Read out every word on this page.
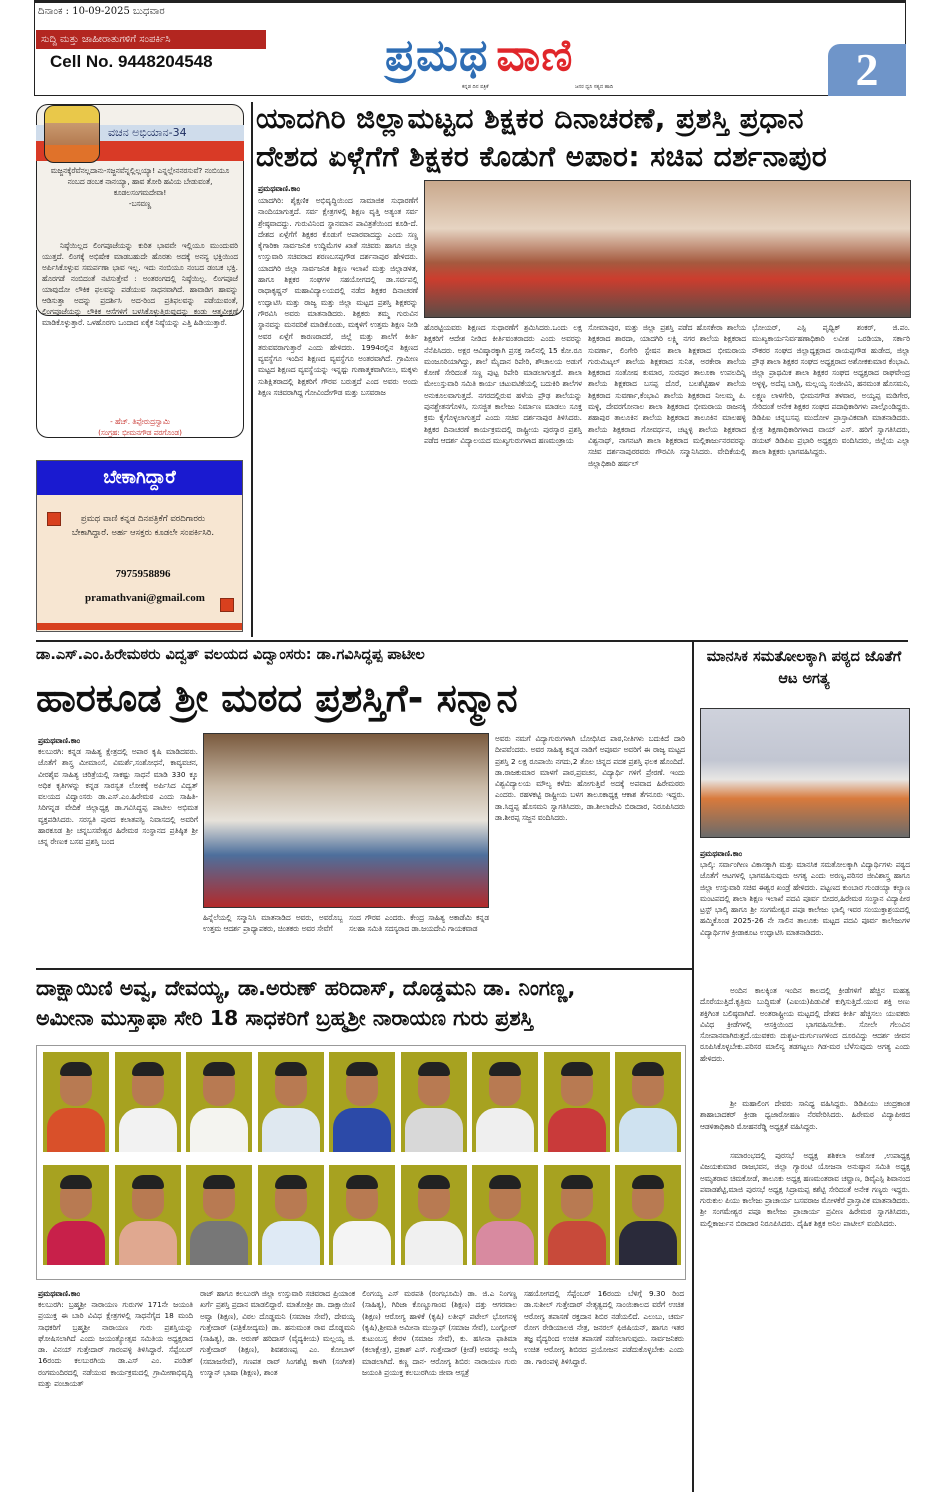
ದಿನಾಂಕ : 10-09-2025 ಬುಧವಾರ
ಸುದ್ದಿ ಮತ್ತು ಜಾಹೀರಾತುಗಳಿಗೆ ಸಂಪರ್ಕಿಸಿ
Cell No. 9448204548	ಪ್ರಮಥ ವಾಣಿ
ಕನ್ನಡ ದಿನ ಪತ್ರಿಕೆ	ಜನರ ಧ್ವನಿ ಸತ್ಯದ ಹಾದಿ	2
ವಚನ ಅಭಿಯಾನ-34
ಮಜ್ಜನಕ್ಕೆರೆವೆನಲ್ಲದಾನು-ಸಜ್ಜನವೆನ್ನಲ್ಲಿಲ್ಲಯ್ಯಾ! ಎನ್ನಲ್ಲೇನನರಸುವೆ? ನಂಬಿಯೂ ನಂಬದ ಡಂಬಕ ನಾನಯ್ಯಾ, ಹಾವ ತೋರಿ ಹವಿಯ ಬೇಡುವಂತೆ, ಕೂಡಲಸಂಗಮದೇವಾ!
-ಬಸವಣ್ಣ
ನಿಷ್ಠೆಯಿಲ್ಲದ ಲಿಂಗಪೂಜೆಯನ್ನು ಕುರಿತ ಭಾವವೇ ಇಲ್ಲಿಯೂ ಮುಂದುವರಿ ಯುತ್ತದೆ. ಲಿಂಗಕ್ಕೆ ಅಭಿಷೇಕ ಮಾಡಬಹುದೇ ಹೊರತು ಅದಕ್ಕೆ ಅನನ್ಯ ಭಕ್ತಿಯಿಂದ ಅರ್ಪಿಸಿಕೊಳ್ಳುವ ಸಮರ್ಪಣಾ ಭಾವ ಇಲ್ಲ. ಇದು ನಂಬಿಯೂ ನಂಬದ ಡಂಬಕ ಭಕ್ತಿ. ಹೊರಗಡೆ ನಂಬಿದಂತೆ ನಟಿಸುತ್ತೇವೆ : ಅಂತರಂಗದಲ್ಲಿ ನಿಷ್ಠೆಯಿಲ್ಲ. ಲಿಂಗಪೂಜೆ ಯಾವುದೋ ಲೌಕಿಕ ಫಲವನ್ನು ಪಡೆಯುವ ಸಾಧನವಾಗಿದೆ. ಹಾವಾಡಿಗ ಹಾವನ್ನು ಆಡಿಸುತ್ತಾ ಅದನ್ನು ಪ್ರದರ್ಶಿಸಿ ಅದ-ರಿಂದ ಪ್ರತಿಫಲವನ್ನು ಪಡೆಯುವಂತೆ, ಲಿಂಗಪೂಜೆಯನ್ನು ಲೌಕಿಕ ಆಸೆಗಳಿಗೆ ಬಳಸಿಕೊಳ್ಳುತ್ತಿರುವುದನ್ನು ಕಂಡು ಆತ್ಮವೀಕ್ಷಣೆ ಮಾಡಿಕೊಳ್ಳುತ್ತಾರೆ. ಒಳಹೊರಗು ಒಂದಾದ ಏಕೈಕ ನಿಷ್ಠೆಯನ್ನು ಎತ್ತಿ ಹಿಡಿಯುತ್ತಾರೆ.
- ಹೆಚ್. ತಿಪ್ಪೇರುದ್ರಸ್ವಾಮಿ
(ಸಂಗ್ರಹ: ಭೀಮನಗೌಡ ಪರಗೊಂಡ)
ಬೇಕಾಗಿದ್ದಾರೆ
ಪ್ರಮಥ ವಾಣಿ ಕನ್ನಡ ದಿನಪತ್ರಿಕೆಗೆ ವರದಿಗಾರರು ಬೇಕಾಗಿದ್ದಾರೆ. ಅರ್ಹ ಆಸಕ್ತರು ಕೂಡಲೇ ಸಂಪರ್ಕಿಸಿರಿ.
7975958896
pramathvani@gmail.com
ಯಾದಗಿರಿ ಜಿಲ್ಲಾಮಟ್ಟದ ಶಿಕ್ಷಕರ ದಿನಾಚರಣೆ, ಪ್ರಶಸ್ತಿ ಪ್ರಧಾನ
ದೇಶದ ಏಳ್ಗೆಗೆಗೆ ಶಿಕ್ಷಕರ ಕೊಡುಗೆ ಅಪಾರ: ಸಚಿವ ದರ್ಶನಾಪುರ
ಪ್ರಮಥವಾಣಿ.ಕಾಂ
ಯಾದಗಿರಿ: ಶೈಕ್ಷಣಿಕ ಅಭಿವೃದ್ಧಿಯಿಂದ ಸಾಮಾಜಿಕ ಸುಧಾರಣೆಗೆ ನಾಂದಿಯಾಗುತ್ತದೆ. ಸರ್ವ ಕ್ಷೇತ್ರಗಳಲ್ಲಿ ಶಿಕ್ಷಣ ವೃತ್ತಿ ಅತ್ಯಂತ ಸರ್ವ ಶ್ರೇಷ್ಠವಾದದ್ದು. ಗುರುವಿನಿಂದ ಸ್ಥಾನಮಾನ ಪಾವಿತ್ರತೆಯಿಂದ ಕೂಡಿ-ದೆ. ದೇಶದ ಏಳ್ಗೆಗೆಗೆ ಶಿಕ್ಷಕರ ಕೊಡುಗೆ ಅಪಾರವಾದದ್ದು ಎಂದು ಸಣ್ಣ ಕೈಗಾರಿಕಾ ಸಾರ್ವಜನಿಕ ಉದ್ದಿಮೆಗಳ ಖಾತೆ ಸಚಿವರು ಹಾಗೂ ಜಿಲ್ಲಾ ಉಸ್ತುವಾರಿ ಸಚಿವರಾದ ಶರಣಬಸಪ್ಪಗೌಡ ದರ್ಶನಾಪುರ ಹೇಳಿದರು. ಯಾದಗಿರಿ ಜಿಲ್ಲಾ ಸಾರ್ವಜನಿಕ ಶಿಕ್ಷಣ ಇಲಾಖೆ ಮತ್ತು ಜಿಲ್ಲಾಡಳಿತ, ಹಾಗೂ ಶಿಕ್ಷಕರ ಸಂಘಗಳ ಸಹಯೋಗದಲ್ಲಿ ಡಾ.ಸರ್ವಪಲ್ಲಿ ರಾಧಾಕೃಷ್ಣನ್ ಮಹಾವಿದ್ಯಾಲಯದಲ್ಲಿ ನಡೆದ ಶಿಕ್ಷಕರ ದಿನಾಚರಣೆ ಉದ್ಘಾಟಿಸಿ ಮತ್ತು ರಾಜ್ಯ ಮತ್ತು ಜಿಲ್ಲಾ ಮಟ್ಟದ ಪ್ರಶಸ್ತಿ ಶಿಕ್ಷಕರನ್ನು ಗೌರವಿಸಿ ಅವರು ಮಾತನಾಡಿದರು. ಶಿಕ್ಷಕರು ತಮ್ಮ ಗುರುವಿನ ಸ್ಥಾನವನ್ನು ಮನವರಿಕೆ ಮಾಡಿಕೊಂಡು, ಮಕ್ಕಳಿಗೆ ಉತ್ತಮ ಶಿಕ್ಷಣ ನೀಡಿ ಅವರ ಏಳ್ಗೆಗೆ ಕಾರಣರಾದರೆ, ಜಿಲ್ಲೆ ಮತ್ತು ಶಾಲೆಗೆ ಕೀರ್ತಿ ತರುವವರಾಗುತ್ತಾರೆ ಎಂದು ಹೇಳಿದರು. 1994ರಲ್ಲಿನ ಶಿಕ್ಷಣದ ವ್ಯವಸ್ಥೆಗೂ ಇಂದಿನ ಶಿಕ್ಷಣದ ವ್ಯವಸ್ಥೆಗೂ ಅಂತರವಾಗಿದೆ. ಗ್ರಾಮೀಣ ಮಟ್ಟದ ಶಿಕ್ಷಣದ ವ್ಯವಸ್ಥೆಯನ್ನು ಇನ್ನಷ್ಟು ಗುಣಾತ್ಮಕವಾಗಿಸಲು, ಮಕ್ಕಳು ಸುಶಿಕ್ಷಿತರಾದಲ್ಲಿ ಶಿಕ್ಷಕರಿಗೆ ಗೌರವ ಬರುತ್ತದೆ ಎಂದ ಅವರು ಅಂದು ಶಿಕ್ಷಣ ಸಚಿವರಾಗಿದ್ದ ಗೋವಿಂದೇಗೌಡ ಮತ್ತು ಬಸವರಾಜ
ಹೊರಟ್ಟಿಯವರು ಶಿಕ್ಷಣದ ಸುಧಾರಣೆಗೆ ಶ್ರಮಿಸಿದರು.ಒಂದು ಲಕ್ಷ ಶಿಕ್ಷಕರಿಗೆ ಆದೇಶ ನೀಡಿದ ಕೀರ್ತಿವಂತರಾದರು ಎಂದು ಅವರನ್ನು ನೆನೆಪಿಸಿದರು. ಅಕ್ಷರ ಆವಿಷ್ಕಾರಕ್ಕಾಗಿ ಪ್ರಸಕ್ತ ಸಾಲಿನಲ್ಲಿ 15 ಕೋ.ರೂ ಮಂಜೂರಿಯಾಗಿದ್ದು, ಶಾಲೆ ಮೈದಾನ ರಿಪೇರಿ, ಶೌಚಾಲಯ ಅಡುಗೆ ಕೋಣೆ ಸೇರಿದಂತೆ ಸಣ್ಣ ಪುಟ್ಟ ರಿಪೇರಿ ಮಾಡಲಾಗುತ್ತದೆ. ಶಾಲಾ ಮೇಲುಸ್ತುವಾರಿ ಸಮಿತಿ ಕಾರ್ಯ ಚಟುವಟಿಕೆಯಲ್ಲಿ ಬದುಕಿರಿ ಶಾಲೆಗಳ ಅನುಕೂಲವಾಗುತ್ತದೆ. ನಗರದಲ್ಲಿರುವ ಹಳೆಯ ಪ್ರೌಢ ಶಾಲೆಯನ್ನು ಪುನಶ್ಚೇತನಗೊಳಿಸಿ, ಸುಸಜ್ಜಿತ ಕಾಲೇಜು ನಿರ್ಮಾಣ ಮಾಡಲು ಸೂಕ್ತ ಕ್ರಮ ಕೈಗೊಳ್ಳಲಾಗುತ್ತದೆ ಎಂದು ಸಚಿವ ದರ್ಶನಾಪುರ ತಿಳಿಸಿದರು. ಶಿಕ್ಷಕರ ದಿನಾಚರಣೆ ಕಾರ್ಯಕ್ರಮದಲ್ಲಿ ರಾಷ್ಟ್ರೀಯ ಪುರಸ್ಕಾರ ಪ್ರಶಸ್ತಿ ಪಡೆದ ಆದರ್ಶ ವಿದ್ಯಾಲಯದ ಮುಖ್ಯಗುರುಗಳಾದ ಹಣಮಂತ್ರಾಯ
ಸೋಮಾಪುರ, ಮತ್ತು ಜಿಲ್ಲಾ ಪ್ರಶಸ್ತಿ ಪಡೆದ ಹೊಸಕೇರಾ ಶಾಲೆಯ ಶಿಕ್ಷಕರಾದ ಶಾರದಾ, ಯಾದಗಿರಿ ಲಕ್ಷ್ಮಿ ನಗರ ಶಾಲೆಯ ಶಿಕ್ಷಕರಾದ ಸುವರ್ಣಾ, ಲಿಂಗೇರಿ ಸ್ಟೇಷನ ಶಾಲಾ ಶಿಕ್ಷಕರಾದ ಭೀಮರಾಯ ಗುರುಮಿಟ್ಕಲ್ ಶಾಲೆಯ ಶಿಕ್ಷಕರಾದ ಸುನಿತ, ಅರಕೇರಾ ಶಾಲೆಯ ಶಿಕ್ಷಕರಾದ ಸಂತೋಷ ಕುಮಾರ, ಸುರಪುರ ತಾಲೂಕಾ ಉಪಲದಿನ್ನಿ ಶಾಲೆಯ ಶಿಕ್ಷಕರಾದ ಬಸಪ್ಪ ದೊರೆ, ಬಲಶೆಟ್ಟಿಹಾಳ ಶಾಲೆಯ ಶಿಕ್ಷಕರಾದ ಸುವರ್ಣಾ,ಕೆಂಭಾವಿ ಶಾಲೆಯ ಶಿಕ್ಷಕರಾದ ನೀಲಮ್ಮ ಪಿ. ಮಳ್ಳಿ, ದೇವರಗೋನಾಲ ಶಾಲಾ ಶಿಕ್ಷಕರಾದ ಭೀಮರಾಯ ರಾಜನಕ್ಕಿ ಶಹಾಪುರ ತಾಲೂಕಿನ ಶಾಲೆಯ ಶಿಕ್ಷಕರಾದ ತಾಲೂಕಿನ ಮಾಲಹಳ್ಳಿ ಶಾಲೆಯ ಶಿಕ್ಷಕರಾದ ಗೋವರ್ಧನ, ಚಟ್ನಳ್ಳಿ ಶಾಲೆಯ ಶಿಕ್ಷಕರಾದ ವಿಶ್ವನಾಥ್, ನಾಗನಟಗಿ ಶಾಲಾ ಶಿಕ್ಷಕರಾದ ಮಲ್ಲಿಕಾರ್ಜುನರವರನ್ನು ಸಚಿವ ದರ್ಶನಾಪುರರವರು ಗೌರವಿಸಿ ಸನ್ಮಾನಿಸಿದರು. ವೇದಿಕೆಯಲ್ಲಿ ಜಿಲ್ಲಾಧಿಕಾರಿ ಹರ್ಷಲ್
ಭೋಯರ್, ಎಸ್ಪಿ ಪೃಥ್ವಿಕ್ ಶಂಕರ್, ಜಿ.ಪಂ. ಮುಖ್ಯಕಾರ್ಯನಿರ್ವಹಣಾಧಿಕಾರಿ ಲವೀಶ ಒರಡಿಯಾ, ಸರ್ಕಾರಿ ನೌಕರರ ಸಂಘದ ಜಿಲ್ಲಾಧ್ಯಕ್ಷರಾದ ರಾಯಪ್ಪಗೌಡ ಹುಡೇದ, ಜಿಲ್ಲಾ ಪ್ರೌಢ ಶಾಲಾ ಶಿಕ್ಷಕರ ಸಂಘದ ಅಧ್ಯಕ್ಷರಾದ ಅಶೋಕಕುಮಾರ ಕೆಂಭಾವಿ. ಜಿಲ್ಲಾ ಪ್ರಾಥಮಿಕ ಶಾಲಾ ಶಿಕ್ಷಕರ ಸಂಘದ ಅಧ್ಯಕ್ಷರಾದ ರಾಘವೇಂದ್ರ ಅಳ್ಳಳ್ಳಿ, ಅದೆಪ್ಪ ಬಾಗ್ಲಿ, ಮಲ್ಲಯ್ಯ ಸಂಜೀವಿನಿ, ಹನಮಂತ ಹೊಸಮನಿ, ಲಕ್ಷ್ಮಣ ಲಾಳಗೇರಿ, ಭೀಮನಗೌಡ ತಳವಾರ, ಅಯ್ಯಪ್ಪ ಮಡಿಗೇರ, ಸೇರಿದಂತೆ ಅನೇಕ ಶಿಕ್ಷಕರ ಸಂಘದ ಪದಾಧಿಕಾರಿಗಳು ಪಾಲ್ಗೊಂಡಿದ್ದರು. ಡಿಡಿಪಿಐ ಚನ್ನಬಸಪ್ಪ ಮುದೋಳ ಪ್ರಾಸ್ತಾವಿಕವಾಗಿ ಮಾತನಾಡಿದರು. ಕ್ಷೇತ್ರ ಶಿಕ್ಷಣಾಧಿಕಾರಿಗಳಾದ ವಾಯ್ ಎಸ್. ಹರಿಗೆ ಸ್ವಾಗತಿಸಿದರು, ಡಯಟ್ ಡಿಡಿಪಿಐ ಪ್ರಭಾರಿ ಅಧ್ಯಕ್ಷರು ವಂದಿಸಿದರು, ಜಿಲ್ಲೆಯ ಎಲ್ಲಾ ಶಾಲಾ ಶಿಕ್ಷಕರು ಭಾಗವಹಿಸಿದ್ದರು.
ಡಾ.ಎಸ್.ಎಂ.ಹಿರೇಮಠರು ವಿದ್ವತ್ ವಲಯದ ವಿದ್ವಾಂಸರು: ಡಾ.ಗವಿಸಿದ್ಧಪ್ಪ ಪಾಟೀಲ
ಹಾರಕೂಡ ಶ್ರೀ ಮಠದ ಪ್ರಶಸ್ತಿಗೆ- ಸನ್ಮಾನ
ಪ್ರಮಥವಾಣಿ.ಕಾಂ
ಕಲಬುರಗಿ: ಕನ್ನಡ ಸಾಹಿತ್ಯ ಕ್ಷೇತ್ರದಲ್ಲಿ ಅಪಾರ ಕೃಷಿ ಮಾಡಿದವರು. ಜೊತೆಗೆ ಶಾಸ್ತ್ರ ಮೀಮಾಂಸೆ, ವಿಮರ್ಶೆ,ಸಂಶೋಧನೆ, ಕಾವ್ಯವಚನ, ವೀರಶೈವ ಸಾಹಿತ್ಯ ಚರಿತ್ರೆಯಲ್ಲಿ ಸಾಕಷ್ಟು ಸಾಧನೆ ಮಾಡಿ 330 ಕ್ಕೂ ಅಧಿಕ ಕೃತಿಗಳನ್ನು ಕನ್ನಡ ಸಾರಸ್ವತ ಲೋಕಕ್ಕೆ ಅರ್ಪಿಸಿದ ವಿದ್ವತ್ ವಲಯದ ವಿದ್ವಾಂಸರು ಡಾ.ಎಸ್.ಎಂ.ಹಿರೇಮಠ ಎಂದು ಸಾಹಿತಿ- ಸಿರಿಗನ್ನಡ ವೇದಿಕೆ ಜಿಲ್ಲಾಧ್ಯಕ್ಷ ಡಾ.ಗವಿಸಿದ್ಧಪ್ಪ ಪಾಟೀಲ ಅಭಿಮತ ವ್ಯಕ್ತಪಡಿಸಿದರು. ಸರಸ್ವತಿ ಪುರದ ಕಲಾತಪಸ್ವಿ ನಿವಾಸದಲ್ಲಿ ಅವರಿಗೆ ಹಾರಕೂಡ ಶ್ರೀ ಚನ್ನಬಸವೇಶ್ವರ ಹಿರೇಮಠ ಸಂಸ್ಥಾನದ ಪ್ರತಿಷ್ಠಿತ ಶ್ರೀ ಚನ್ನ ರೇಣುಕ ಬಸವ ಪ್ರಶಸ್ತಿ ಬಂದ
ಹಿನ್ನೆಲೆಯಲ್ಲಿ ಸನ್ಮಾನಿಸಿ ಮಾತನಾಡಿದ ಅವರು, ಅವರೊಬ್ಬ ಉತ್ತಮ ಆದರ್ಶ ಪ್ರಾಧ್ಯಾಪಕರು, ಚಿಂತಕರು ಅವರ ಸೇವೆಗೆ
ಸಂದ ಗೌರವ ಎಂದರು. ಕೇಂದ್ರ ಸಾಹಿತ್ಯ ಅಕಾಡೆಮಿ ಕನ್ನಡ ಸಲಹಾ ಸಮಿತಿ ಸದಸ್ಯರಾದ ಡಾ.ಜಯದೇವಿ ಗಾಯಕವಾಡ
ಅವರು ನಮಗೆ ವಿದ್ಯಾಗುರುಗಳಾಗಿ ಬೋಧಿಸಿದ ಪಾಠ,ನೀತಿಗಳು ಬದುಕಿದೆ ದಾರಿ ದೀಪವೆಂದರು. ಅವರ ಸಾಹಿತ್ಯ ಕನ್ನಡ ನಾಡಿಗೆ ಅಪೂರ್ವ ಅವರಿಗೆ ಈ ರಾಜ್ಯ ಮಟ್ಟದ ಪ್ರಶಸ್ತಿ 2 ಲಕ್ಷ ರೂಪಾಯಿ ನಗದು,2 ತೊಲ ಚಿನ್ನದ ಪದಕ ಪ್ರಶಸ್ತಿ ಫಲಕ ಹೊಂದಿದೆ. ಡಾ.ರಾಜಕುಮಾರ ಮಾಳಗೆ ಪಾಠ,ಪ್ರವಚನ, ವಿದ್ಯಾರ್ಥಿ ಗಳಿಗೆ ಪ್ರೇರಣೆ. ಇಂದು ವಿಶ್ವವಿದ್ಯಾಲಯ ಮೌಲ್ಯ ಕಳೆದು ಹೋಗುತ್ತಿವೆ ಅದಕ್ಕೆ ಅಪವಾದ ಹಿರೇಮಠರು ಎಂದರು. ರಹಳಕಟ್ಟಿ ರಾಷ್ಟ್ರೀಯ ಬಳಗ ತಾಲೂಕಾಧ್ಯಕ್ಷ ಆಕಾಶ ತೆಗನೂರು ಇದ್ದರು. ಡಾ.ಸಿದ್ಧಪ್ಪ ಹೊಸಮನಿ ಸ್ವಾಗತಿಸಿದರು, ಡಾ.ಶೀಲಾದೇವಿ ಬಿರಾದಾರ, ನಿರೂಪಿಸಿದರು ಡಾ.ಶೀರಪ್ಪ ಸಜ್ಜನ ವಂದಿಸಿದರು.
ಮಾನಸಿಕ ಸಮತೋಲಕ್ಕಾಗಿ ಪಠ್ಯದ ಜೊತೆಗೆ ಆಟ ಅಗತ್ಯ
ಪ್ರಮಥವಾಣಿ.ಕಾಂ
ಭಾಲ್ಕಿ: ಸರ್ವಾಂಗೀಣ ವಿಕಾಸಕ್ಕಾಗಿ ಮತ್ತು ಮಾನಸಿಕ ಸಮತೋಲಕ್ಕಾಗಿ ವಿದ್ಯಾರ್ಥಿಗಳು ಪಠ್ಯದ ಜೊತೆಗೆ ಆಟಗಳಲ್ಲಿ ಭಾಗವಹಿಸುವುದು ಅಗತ್ಯ ಎಂದು ಅರಣ್ಯ,ಪರಿಸರ ಜೀವಿಶಾಸ್ತ್ರ ಹಾಗೂ ಜಿಲ್ಲಾ ಉಸ್ತುವಾರಿ ಸಚಿವ ಈಶ್ವರ ಖಂಡ್ರೆ ಹೇಳಿದರು. ಪಟ್ಟಣದ ಕುಂಬಾರ ಗುಂಡಯ್ಯಾ ಕಲ್ಯಾಣ ಮಂಟಪದಲ್ಲಿ ಶಾಲಾ ಶಿಕ್ಷಣ ಇಲಾಖೆ ಪದವಿ ಪೂರ್ವ ಬೀದರ,ಹಿರೇಮಠ ಸಂಸ್ಥಾನ ವಿದ್ಯಾಪೀಠ ಟ್ರಸ್ಟ್ ಭಾಲ್ಕಿ ಹಾಗೂ ಶ್ರೀ ಸಂಗಮೇಶ್ವರ ಪಪೂ ಕಾಲೇಜು ಭಾಲ್ಕಿ ಇವರ ಸಂಯುಕ್ತಾಶ್ರಯದಲ್ಲಿ ಹಮ್ಮಿಕೊಂಡ 2025-26 ನೇ ಸಾಲಿನ ತಾಲೂಕು ಮಟ್ಟದ ಪದವಿ ಪೂರ್ವ ಕಾಲೇಜುಗಳ ವಿದ್ಯಾರ್ಥಿಗಳ ಕ್ರೀಡಾಕೂಟ ಉದ್ಘಾಟಿಸಿ ಮಾತನಾಡಿದರು.
ಅಂದಿನ ಕಾಲಕ್ಕಿಂತ ಇಂದಿನ ಕಾಲದಲ್ಲಿ ಕ್ರೀಡೆಗಳಿಗೆ ಹೆಚ್ಚಿನ ಮಹತ್ವ ದೊರೆಯುತ್ತಿದೆ.ಕೃತ್ರಿಮ ಬುದ್ಧಿಮತೆ (ಎಐಯ)ಪಿಡುವಿಕೆ ಕುಗ್ಗಿಸುತ್ತಿದೆ.ಯುವ ಶಕ್ತಿ ಅಣು ಶಕ್ತಿಗಿಂತ ಬಲಿಷ್ಠವಾಗಿದೆ. ಅಂತರಾಷ್ಟ್ರೀಯ ಮಟ್ಟದಲ್ಲಿ ದೇಶದ ಕೀರ್ತಿ ಹೆಚ್ಚಿಸಲು ಯುವಕರು ವಿವಿಧ ಕ್ರೀಡೆಗಳಲ್ಲಿ ಆಸಕ್ತಿಯಿಂದ ಭಾಗವಹಿಸಬೇಕು. ಸೋಲೇ ಗೆಲುವಿನ ಸೋಪಾನವಾಗಿರುತ್ತದೆ.ಯುವಕರು ದುಶ್ಚಟ-ದುರ್ಗುಣಗಳಿಂದ ದೂರವಿದ್ದು ಆದರ್ಶ ಜೀವನ ರೂಪಿಸಿಕೊಳ್ಳಬೇಕು.ಪರಿಸರ ಮಾಲಿನ್ಯ ತಡಗಟ್ಟಲು ಗಿಡ-ಮರ ಬೆಳೆಸುವುದು ಅಗತ್ಯ ಎಂದು ಹೇಳಿದರು.
ಶ್ರೀ ಮಹಾಲಿಂಗ ದೇವರು ಸಾನಿಧ್ಯ ವಹಿಸಿದ್ದರು. ಡಿಡಿಪಿಯು ಚಂದ್ರಕಾಂತ ಶಾಹಾಬಾದಕರ್ ಕ್ರೀಡಾ ಧ್ವಜಾರೋಹಣ ನೆರವೇರಿಸಿದರು. ಹಿರೇಮಠ ವಿದ್ಯಾಪೀಠದ ಆಡಳಿತಾಧಿಕಾರಿ ಮೋಹನರೆಡ್ಡಿ ಅಧ್ಯಕ್ಷತೆ ವಹಿಸಿದ್ದರು.
ಸಮಾರಂಭದಲ್ಲಿ ಪುರಸಭೆ ಅಧ್ಯಕ್ಷ ಶಶಿಕಲಾ ಅಶೋಕ ,ಉಪಾಧ್ಯಕ್ಷ ವಿಜಯಕುಮಾರ ರಾಜಭವನ, ಜಿಲ್ಲಾ ಗ್ಯಾರಂಟಿ ಯೋಜನಾ ಅನುಷ್ಠಾನ ಸಮಿತಿ ಅಧ್ಯಕ್ಷ ಅಮೃತರಾವ ಚಿಮಕೋಡೆ, ತಾಲೂಕು ಅಧ್ಯಕ್ಷ ಹಣಮಂತರಾವ ಚವ್ಹಾಣ, ಡಿವೈಎಸ್ಪಿ ಶಿವಾನಂದ ಪವಾಡಶೆಟ್ಟಿ,ಮಾಜಿ ಪುರಸಭೆ ಅಧ್ಯಕ್ಷ ಸಿದ್ರಾಮಪ್ಪ ಕಶೆಟ್ಟಿ ಸೇರಿದಂತೆ ಅನೇಕ ಗಣ್ಯರು ಇದ್ದರು. ಗುರುಕುಲ ಪಿಯು ಕಾಲೇಜು ಪ್ರಾಚಾರ್ಯ ಬಸವರಾಜ ಮೋಳಕೆರೆ ಪ್ರಾಸ್ತಾವಿಕ ಮಾತನಾಡಿದರು. ಶ್ರೀ ಸಂಗಮೇಶ್ವರ ಪಪೂ ಕಾಲೇಜು ಪ್ರಾಚಾರ್ಯ ಪ್ರವೀಣ ಹಿರೇಮಠ ಸ್ವಾಗತಿಸಿದರು, ಮಲ್ಲಿಕಾರ್ಜುನ ಬಿರಾದಾರ ನಿರೂಪಿಸಿದರು. ದೈಹಿಕ ಶಿಕ್ಷಕ ಅನಿಲ ಪಾಟೀಲ್ ವಂದಿಸಿದರು.
ದಾಕ್ಷಾಯಿಣಿ ಅವ್ವ, ದೇವಯ್ಯ, ಡಾ.ಅರುಣ್ ಹರಿದಾಸ್, ದೊಡ್ಡಮನಿ ಡಾ. ನಿಂಗಣ್ಣ,
ಅಮೀನಾ ಮುಸ್ತಾಫಾ ಸೇರಿ 18 ಸಾಧಕರಿಗೆ ಬ್ರಹ್ಮಶ್ರೀ ನಾರಾಯಣ ಗುರು ಪ್ರಶಸ್ತಿ
ಪ್ರಮಥವಾಣಿ.ಕಾಂ
ಕಲಬುರಗಿ: ಬ್ರಹ್ಮಶ್ರೀ ನಾರಾಯಣ ಗುರುಗಳ 171ನೇ ಜಯಂತಿ ಪ್ರಯುಕ್ತ ಈ ಬಾರಿ ವಿವಿಧ ಕ್ಷೇತ್ರಗಳಲ್ಲಿ ಸಾಧನೆಗೈದ 18 ಮಂದಿ ಸಾಧಕರಿಗೆ ಬ್ರಹ್ಮಶ್ರೀ ನಾರಾಯಣ ಗುರು ಪ್ರಶಸ್ತಿಯನ್ನು ಘೋಷಿಸಲಾಗಿದೆ ಎಂದು ಜಯಂತ್ಯೋತ್ಸವ ಸಮಿತಿಯ ಅಧ್ಯಕ್ಷರಾದ ಡಾ. ವಿನಯ್ ಗುತ್ತೇದಾರ್ ಗಾರಂಪಳ್ಳಿ ತಿಳಿಸಿದ್ದಾರೆ. ಸೆಪ್ಟೆಂಬರ್ 16ರಂದು ಕಲಬುರಗಿಯ ಡಾ.ಎಸ್ ಎಂ. ಪಂಡಿತ್ ರಂಗಮಂದಿರದಲ್ಲಿ ನಡೆಯುವ ಕಾರ್ಯಕ್ರಮದಲ್ಲಿ ಗ್ರಾಮೀಣಾಭಿವೃದ್ಧಿ ಮತ್ತು ಪಂಚಾಯತ್
ರಾಜ್ ಹಾಗೂ ಕಲಬುರಗಿ ಜಿಲ್ಲಾ ಉಸ್ತುವಾರಿ ಸಚಿವರಾದ ಪ್ರಿಯಾಂಕ ಖರ್ಗೆ ಪ್ರಶಸ್ತಿ ಪ್ರದಾನ ಮಾಡಲಿದ್ದಾರೆ. ಮಾತೋಶ್ರೀ ಡಾ. ದಾಕ್ಷಾಯಿಣಿ ಅವ್ವಾ (ಶಿಕ್ಷಣ), ವಿಠಲ ದೊಡ್ಡಮನಿ (ಸಮಾಜ ಸೇವೆ), ದೇವಯ್ಯ ಗುತ್ತೇದಾರ್ (ಪತ್ರಿಕೋದ್ಯಮ) ಡಾ. ಹನುಮಂತ ರಾವ ದೊಡ್ಡಮನಿ (ಸಾಹಿತ್ಯ), ಡಾ. ಅರುಣ್ ಹರಿದಾಸ್ (ವೈದ್ಯಕೀಯ) ಮಲ್ಲಯ್ಯ ಜಿ. ಗುತ್ತೇದಾರ್ (ಶಿಕ್ಷಣ), ಶಿವಶರಣಪ್ಪ ಎಂ. ಕೋಬಾಳ್ (ಸಮಾಜಸೇವೆ), ಗಣಪತ ರಾವ್ ಸಿಂಗಶೆಟ್ಟಿ ಕಾಳಗಿ (ಸಂಗೀತ) ಉಸ್ಮಾನ್ ಭಾಷಾ (ಶಿಕ್ಷಣ), ಶಾಂತ
ಲಿಂಗಯ್ಯ ಎಸ್ ಮಠಪತಿ (ರಂಗಭೂಮಿ) ಡಾ. ಜಿ.ಎ ನಿಂಗಣ್ಣ (ಸಾಹಿತ್ಯ), ಗಿರಿಜಾ ಕೊಣ್ಣೂಗಾಂವ (ಶಿಕ್ಷಣ) ದತ್ತು ಆಗರವಾಲ (ಶಿಕ್ಷಣ) ಆರೋಗ್ಯ ಹಾಳಿಕೆ (ಕೃಷಿ) ಲತೀಫ್ ಪಟೇಲ್ ಭೋಗನಳ್ಳಿ (ಕೃಷಿ),ಶ್ರೀಮತಿ ಅಮೀನಾ ಮುಸ್ತಾಫ್ (ಸಮಾಜ ಸೇವೆ), ಬಂಗ್ಲೋರ್ ಕುಟುಂಬಸ್ತ ಕೇರಳ (ಸಮಾಜ ಸೇವೆ), ಕು. ಹಸೀನಾ ಫಾತಿಮಾ (ಕಲಾಕ್ಷೇತ್ರ), ಪ್ರಕಾಶ್ ಎಸ್. ಗುತ್ತೇದಾರ್ (ಕ್ರೀಡೆ) ಅವರನ್ನು ಆಯ್ಕೆ ಮಾಡಲಾಗಿದೆ. ಕಣ್ಣ ದಾನ- ಆರೋಗ್ಯ ಶಿಬಿರ: ನಾರಾಯಣ ಗುರು ಜಯಂತಿ ಪ್ರಯುಕ್ತ ಕಲಬುರಗಿಯ ಜೀವಾ ಆಸ್ಪತ್ರೆ
ಸಹಯೋಗದಲ್ಲಿ ಸೆಪ್ಟೆಂಬರ್ 16ರಂದು ಬೆಳಿಗ್ಗೆ 9.30 ರಿಂದ ಡಾ.ಸುಶೀಲ್ ಗುತ್ತೇದಾರ್ ನೇತೃತ್ವದಲ್ಲಿ ಸಾಂಯಿಕಾಲದ ವರೆಗೆ ಉಚಿತ ಆರೋಗ್ಯ ತಪಾಸಣೆ ರಕ್ತದಾನ ಶಿಬಿರ ನಡೆಯಲಿದೆ. ಎಲುಬು, ಚರ್ಮ ರೋಗ ರೇಡಿಯಾಲಜಿ ನೇತ್ರ, ಜನರಲ್ ಫಿಜಿಷಿಯನ್, ಹಾಗೂ ಇತರ ತಜ್ಞ ವೈದ್ಯರಿಂದ ಉಚಿತ ತಪಾಸಣೆ ನಡೆಸಲಾಗುವುದು. ಸಾರ್ವಜನಿಕರು ಉಚಿತ ಆರೋಗ್ಯ ಶಿಬಿರದ ಪ್ರಯೋಜನ ಪಡೆದುಕೊಳ್ಳಬೇಕು ಎಂದು ಡಾ. ಗಾರಂಪಳ್ಳಿ ತಿಳಿಸಿದ್ದಾರೆ.
